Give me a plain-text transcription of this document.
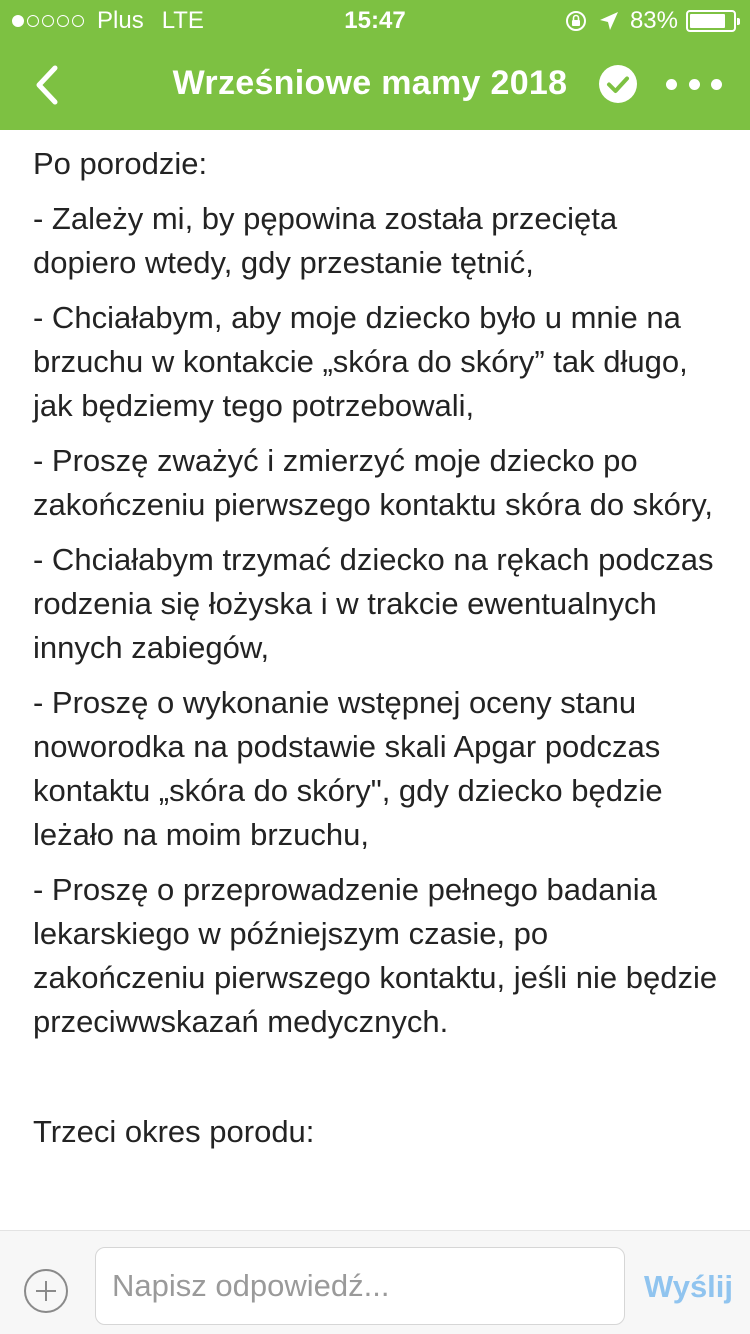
Plus LTE	15:47	83%
Wrześniowe mamy 2018

Po porodzie:

- Zależy mi, by pępowina została przecięta dopiero wtedy, gdy przestanie tętnić,

- Chciałabym, aby moje dziecko było u mnie na brzuchu w kontakcie „skóra do skóry” tak długo, jak będziemy tego potrzebowali,

- Proszę zważyć i zmierzyć moje dziecko po zakończeniu pierwszego kontaktu skóra do skóry,

- Chciałabym trzymać dziecko na rękach podczas rodzenia się łożyska i w trakcie ewentualnych innych zabiegów,

- Proszę o wykonanie wstępnej oceny stanu noworodka na podstawie skali Apgar podczas kontaktu „skóra do skóry", gdy dziecko będzie leżało na moim brzuchu,

- Proszę o przeprowadzenie pełnego badania lekarskiego w późniejszym czasie, po zakończeniu pierwszego kontaktu, jeśli nie będzie przeciwwskazań medycznych.

Trzeci okres porodu:

Napisz odpowiedź...
Wyślij
